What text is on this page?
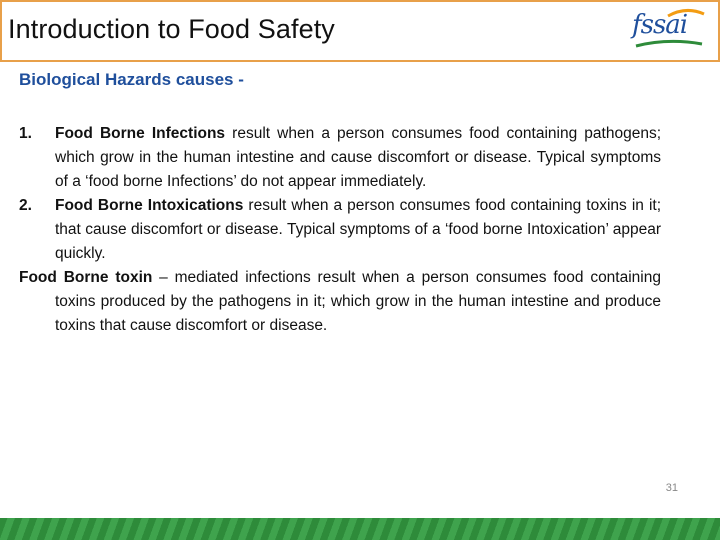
Introduction to Food Safety	fssai
Biological Hazards causes -

1. Food Borne Infections result when a person consumes food containing pathogens; which grow in the human intestine and cause discomfort or disease. Typical symptoms of a ‘food borne Infections’ do not appear immediately.

2. Food Borne Intoxications result when a person consumes food containing toxins in it; that cause discomfort or disease. Typical symptoms of a ‘food borne Intoxication’ appear quickly.

Food Borne toxin – mediated infections result when a person consumes food containing toxins produced by the pathogens in it; which grow in the human intestine and produce toxins that cause discomfort or disease.

31
